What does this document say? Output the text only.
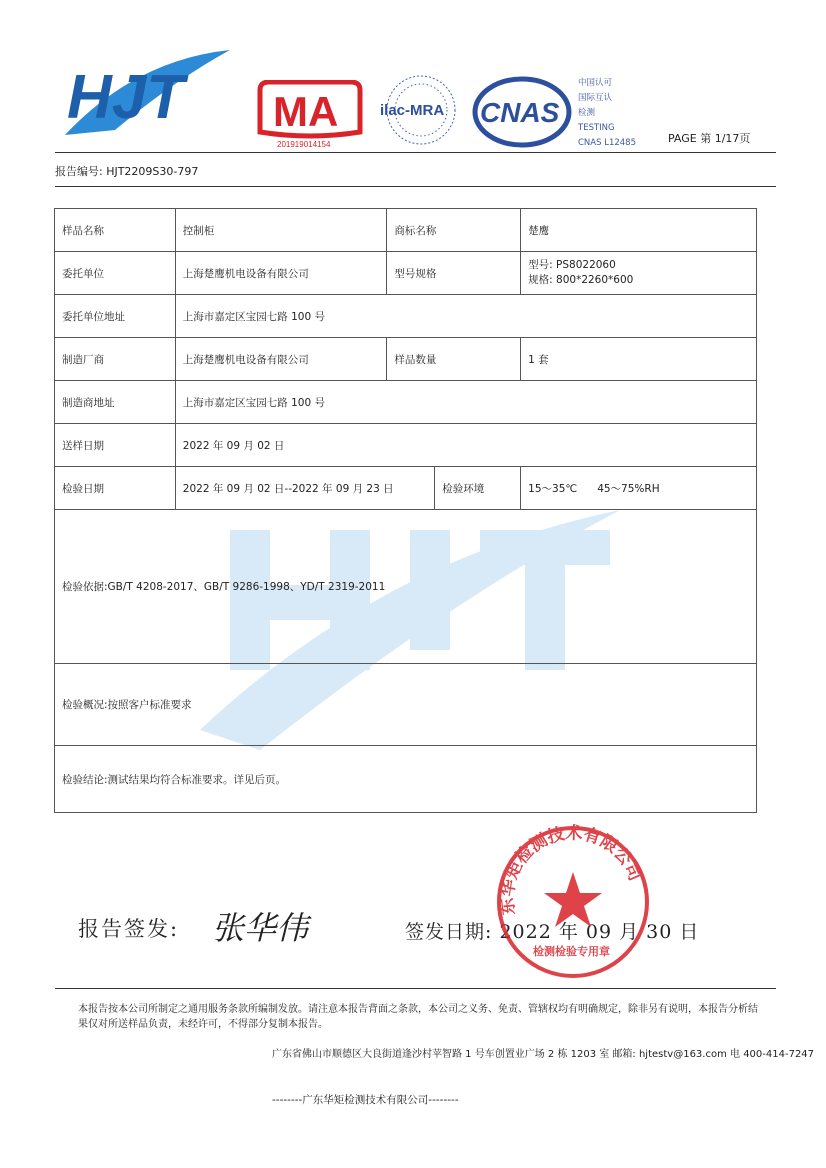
HJT MA
201919014154
ilac-MRA CNAS
中国认可
国际互认
检测
TESTING
CNAS L12485	PAGE 第 1/17页
报告编号: HJT2209S30-797
样品名称	控制柜	商标名称		楚鹰
委托单位	上海楚鹰机电设备有限公司	型号规格		型号: PS8022060
规格: 800*2260*600

委托单位地址	上海市嘉定区宝园七路 100 号			
制造厂商	上海楚鹰机电设备有限公司	样品数量		1 套
制造商地址	上海市嘉定区宝园七路 100 号			
送样日期	2022 年 09 月 02 日			
检验日期	2022 年 09 月 02 日--2022 年 09 月 23 日		检验环境	15～35℃      45～75%RH
检验依据:GB/T 4208-2017、GB/T 9286-1998、YD/T 2319-2011				
检验概况:按照客户标准要求				
检验结论:测试结果均符合标准要求。详见后页。				
报告签发: 张华伟	签发日期: 2022 年 09 月 30 日
东华矩检测技术有限公司
检测检验专用章
本报告按本公司所制定之通用服务条款所编制发放。请注意本报告背面之条款，本公司之义务、免责、管辖权均有明确规定，除非另有说明，本报告分析结果仅对所送样品负责，未经许可，不得部分复制本报告。
广东省佛山市顺德区大良街道逢沙村苹智路 1 号车创置业广场 2 栋 1203 室 邮箱: hjtestv@163.com 电 400-414-7247
--------广东华矩检测技术有限公司--------
